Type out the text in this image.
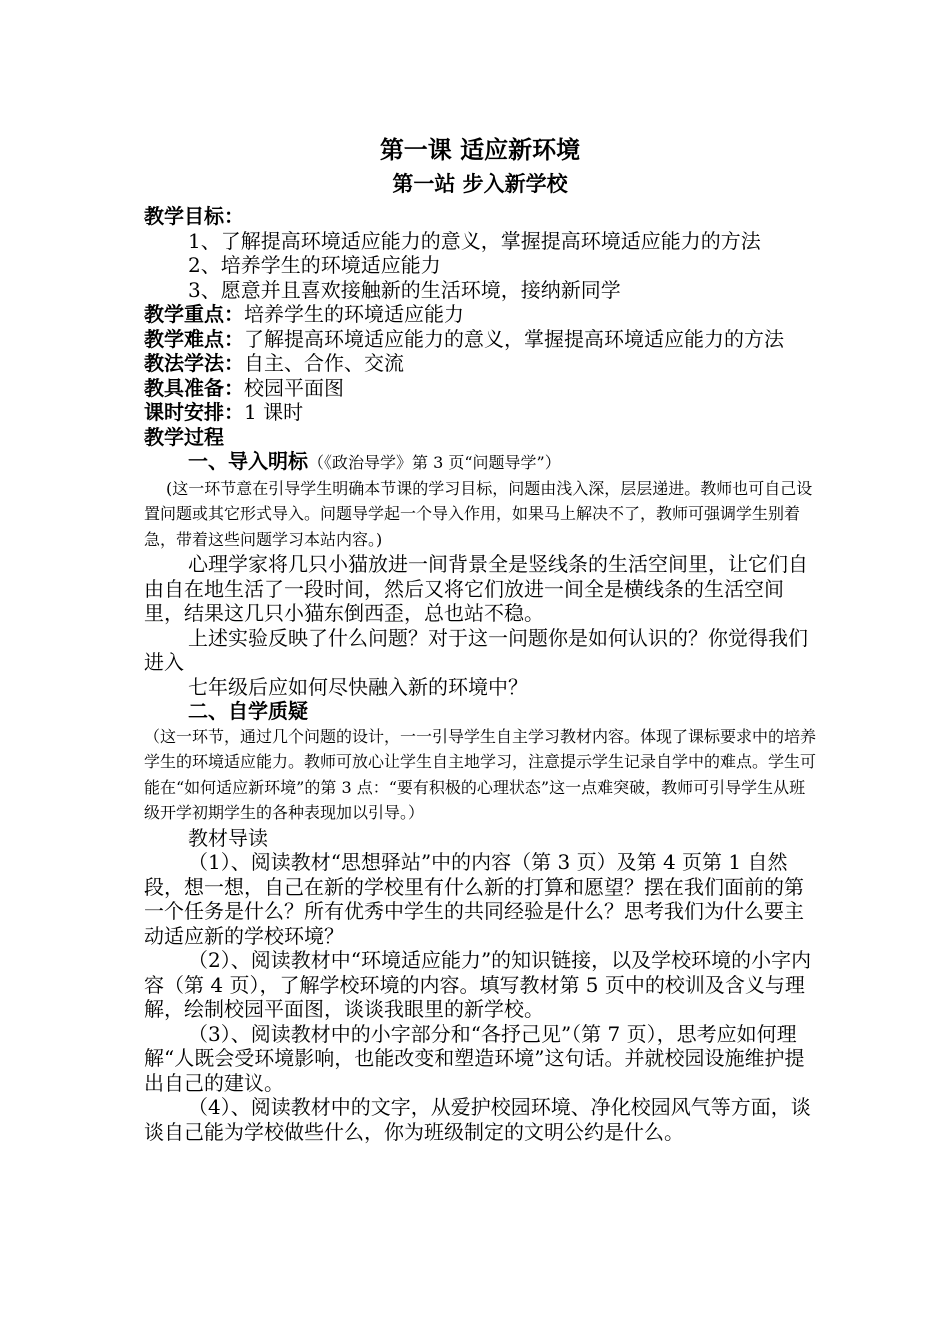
第一课 适应新环境
第一站 步入新学校

教学目标：

1、了解提高环境适应能力的意义，掌握提高环境适应能力的方法

2、培养学生的环境适应能力

3、愿意并且喜欢接触新的生活环境，接纳新同学

教学重点：培养学生的环境适应能力

教学难点：了解提高环境适应能力的意义，掌握提高环境适应能力的方法

教法学法：自主、合作、交流

教具准备：校园平面图

课时安排：1 课时

教学过程

一、导入明标（《政治导学》第 3 页“问题导学”）

(这一环节意在引导学生明确本节课的学习目标，问题由浅入深，层层递进。教师也可自己设置问题或其它形式导入。问题导学起一个导入作用，如果马上解决不了，教师可强调学生别着急，带着这些问题学习本站内容。)

心理学家将几只小猫放进一间背景全是竖线条的生活空间里，让它们自由自在地生活了一段时间，然后又将它们放进一间全是横线条的生活空间里，结果这几只小猫东倒西歪，总也站不稳。

上述实验反映了什么问题？对于这一问题你是如何认识的？你觉得我们进入

七年级后应如何尽快融入新的环境中？

二、自学质疑

（这一环节，通过几个问题的设计，一一引导学生自主学习教材内容。体现了课标要求中的培养学生的环境适应能力。教师可放心让学生自主地学习，注意提示学生记录自学中的难点。学生可能在“如何适应新环境”的第 3 点：“要有积极的心理状态”这一点难突破，教师可引导学生从班级开学初期学生的各种表现加以引导。）

教材导读

（1）、阅读教材“思想驿站”中的内容（第 3 页）及第 4 页第 1 自然段，想一想，自己在新的学校里有什么新的打算和愿望？摆在我们面前的第一个任务是什么？所有优秀中学生的共同经验是什么？思考我们为什么要主动适应新的学校环境？

（2）、阅读教材中“环境适应能力”的知识链接，以及学校环境的小字内容（第 4 页），了解学校环境的内容。填写教材第 5 页中的校训及含义与理解，绘制校园平面图，谈谈我眼里的新学校。

（3）、阅读教材中的小字部分和“各抒己见”（第 7 页），思考应如何理解“人既会受环境影响，也能改变和塑造环境”这句话。并就校园设施维护提出自己的建议。

（4）、阅读教材中的文字，从爱护校园环境、净化校园风气等方面，谈谈自己能为学校做些什么，你为班级制定的文明公约是什么。
